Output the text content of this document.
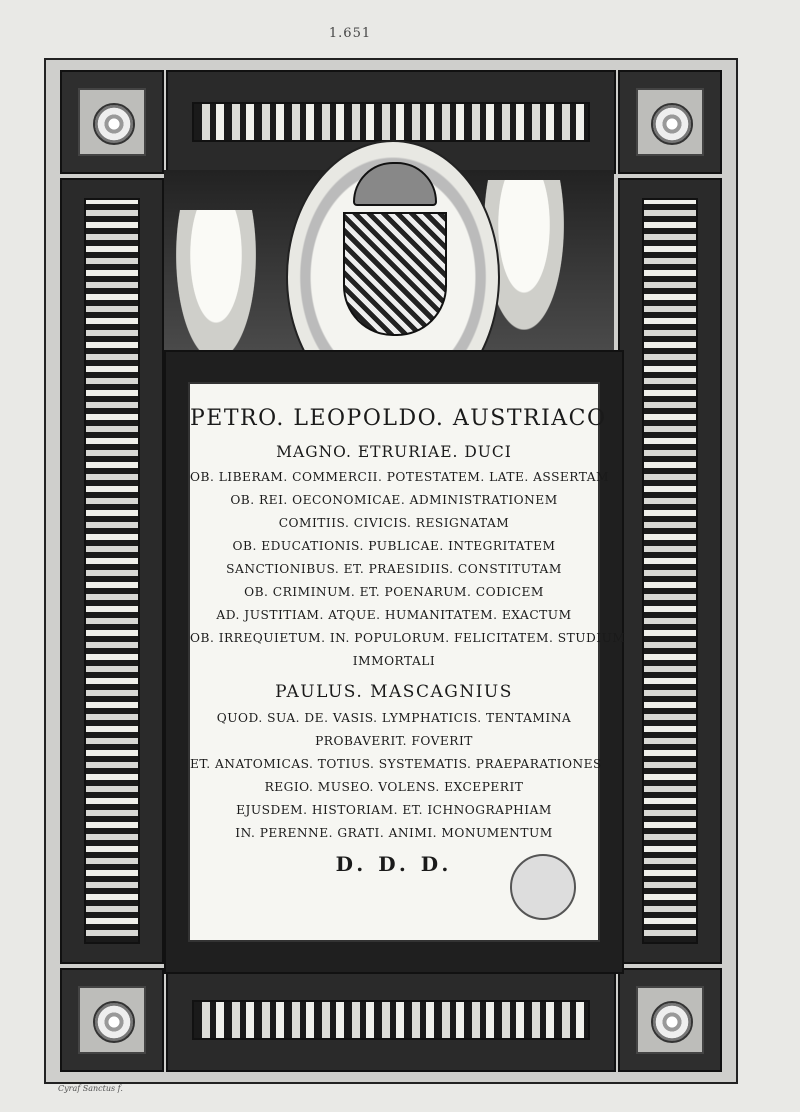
1.651
PETRO. LEOPOLDO. AUSTRIACO
MAGNO. ETRURIAE. DUCI
OB. LIBERAM. COMMERCII. POTESTATEM. LATE. ASSERTAM
OB. REI. OECONOMICAE. ADMINISTRATIONEM
COMITIIS. CIVICIS. RESIGNATAM
OB. EDUCATIONIS. PUBLICAE. INTEGRITATEM
SANCTIONIBUS. ET. PRAESIDIIS. CONSTITUTAM
OB. CRIMINUM. ET. POENARUM. CODICEM
AD. JUSTITIAM. ATQUE. HUMANITATEM. EXACTUM
OB. IRREQUIETUM. IN. POPULORUM. FELICITATEM. STUDIUM
IMMORTALI
PAULUS. MASCAGNIUS
QUOD. SUA. DE. VASIS. LYMPHATICIS. TENTAMINA
PROBAVERIT. FOVERIT
ET. ANATOMICAS. TOTIUS. SYSTEMATIS. PRAEPARATIONES
REGIO. MUSEO. VOLENS. EXCEPERIT
EJUSDEM. HISTORIAM. ET. ICHNOGRAPHIAM
IN. PERENNE. GRATI. ANIMI. MONUMENTUM
D. D. D.
Cyraf Sanctus f.
